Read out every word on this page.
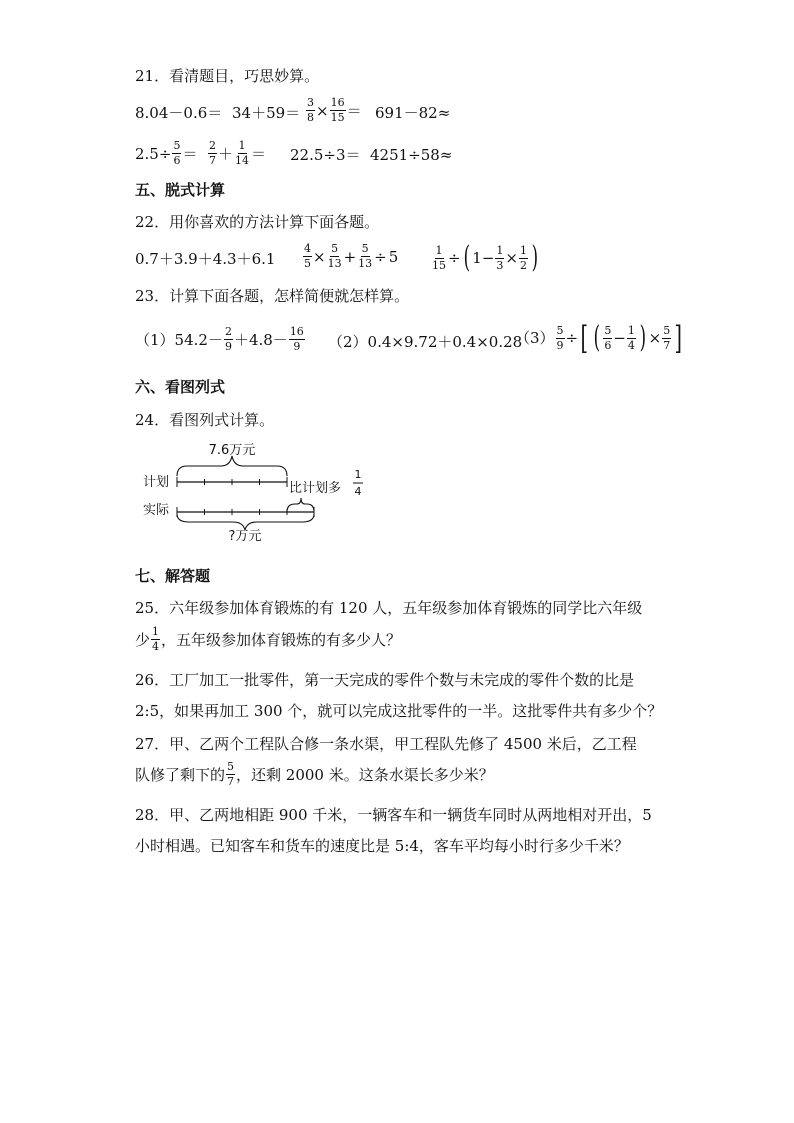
21．看清题目，巧思妙算。
$8.04-0.6= 34+59= \frac{3}{8} \times \frac{16}{15} = 691-82\approx$
$2.5\div \frac{5}{6} = \frac{2}{7} + \frac{1}{14} = 22.5\div 3= 4251\div 58\approx$
五、脱式计算
22．用你喜欢的方法计算下面各题。
0.7＋3.9＋4.3＋6.1	$\frac{4}{5} \times \frac{5}{13} + \frac{5}{13} \div 5$	$\frac{1}{15}$ ÷ ( $1 - \frac{1}{3} \times \frac{1}{2}$ )
23．计算下面各题，怎样简便就怎样算。
（1） $54.2- \frac{2}{9} +4.8- \frac{16}{9} (2)$ 0.4×9.72＋0.4×0.28
$(3) \frac{5}{9}$ ÷ [ ( $\frac{5}{6} - \frac{1}{4}$ ) × $\frac{5}{7}$ ]
六、看图列式
24．看图列式计算。
7.6万元
计划	比计划多
1
4
实际
?万元
七、解答题
25．六年级参加体育锻炼的有 120 人，五年级参加体育锻炼的同学比六年级
少 $\frac{1}{4}$ ，五年级参加体育锻炼的有多少人？
26．工厂加工一批零件，第一天完成的零件个数与未完成的零件个数的比是
2:5，如果再加工 300 个，就可以完成这批零件的一半。这批零件共有多少个？
27．甲、乙两个工程队合修一条水渠，甲工程队先修了 4500 米后，乙工程
队修了剩下的 $\frac{5}{7}$ ，还剩 2000 米。这条水渠长多少米？
28．甲、乙两地相距 900 千米，一辆客车和一辆货车同时从两地相对开出，5
小时相遇。已知客车和货车的速度比是 5:4，客车平均每小时行多少千米？
